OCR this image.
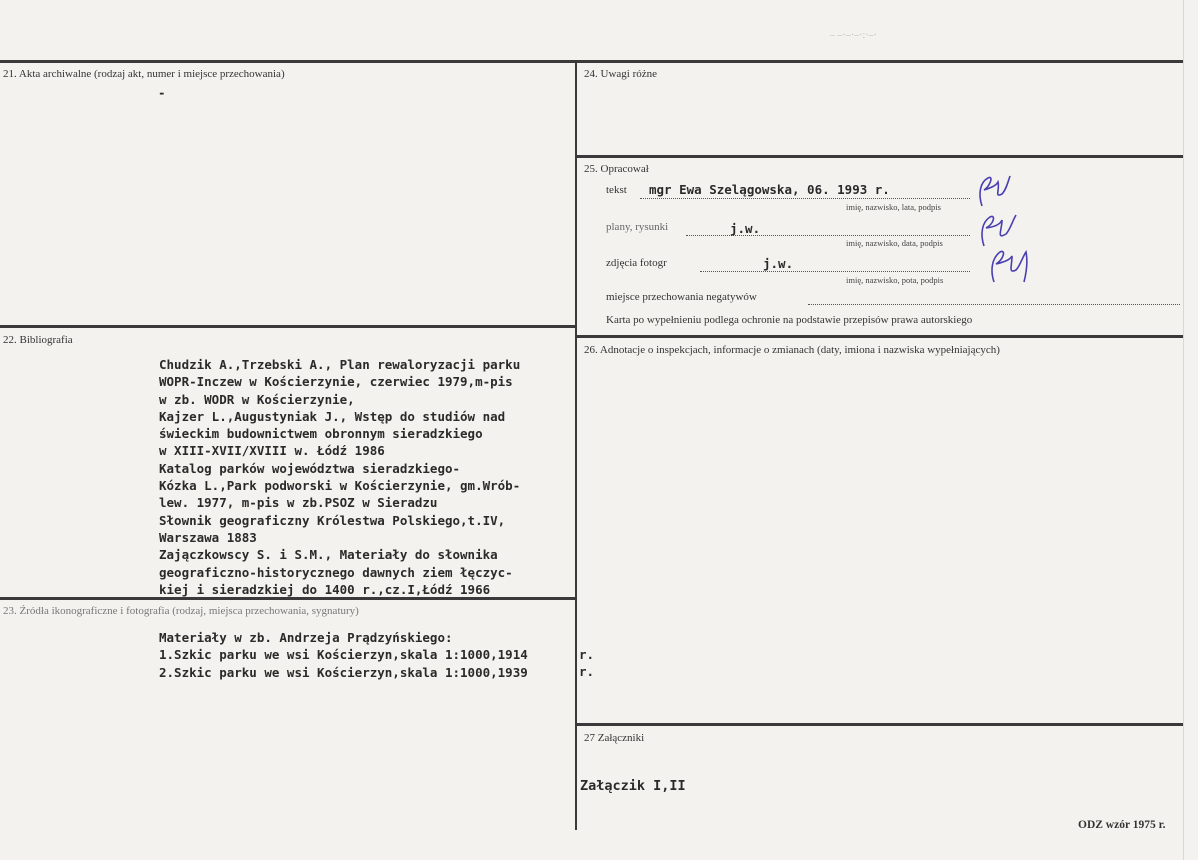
– –·–·–·:·–·
21. Akta archiwalne (rodzaj akt, numer i miejsce przechowania)
-
22. Bibliografia
Chudzik A.,Trzebski A., Plan rewaloryzacji parku
WOPR-Inczew w Kościerzynie, czerwiec 1979,m-pis
w zb. WODR w Kościerzynie,
Kajzer L.,Augustyniak J., Wstęp do studiów nad
świeckim budownictwem obronnym sieradzkiego
w XIII-XVII/XVIII w. Łódź 1986
Katalog parków województwa sieradzkiego-
Kózka L.,Park podworski w Kościerzynie, gm.Wrób-
lew. 1977, m-pis w zb.PSOZ w Sieradzu
Słownik geograficzny Królestwa Polskiego,t.IV,
Warszawa 1883
Zajączkowscy S. i S.M., Materiały do słownika
geograficzno-historycznego dawnych ziem łęczyc-
kiej i sieradzkiej do 1400 r.,cz.I,Łódź 1966
23. Źródła ikonograficzne i fotografia (rodzaj, miejsca przechowania, sygnatury)
Materiały w zb. Andrzeja Prądzyńskiego:
1.Szkic parku we wsi Kościerzyn,skala 1:1000,1914
2.Szkic parku we wsi Kościerzyn,skala 1:1000,1939
r.
r.
24. Uwagi różne
25. Opracował
tekst mgr Ewa Szelągowska, 06. 1993 r.
imię, nazwisko, lata, podpis
plany, rysunki	j.w.
imię, nazwisko, data, podpis
zdjęcia fotogr	j.w.
imię, nazwisko, pota, podpis
miejsce przechowania negatywów
Karta po wypełnieniu podlega ochronie na podstawie przepisów prawa autorskiego
26. Adnotacje o inspekcjach, informacje o zmianach (daty, imiona i nazwiska wypełniających)
27 Załączniki
Załączik I,II
ODZ wzór 1975 r.
